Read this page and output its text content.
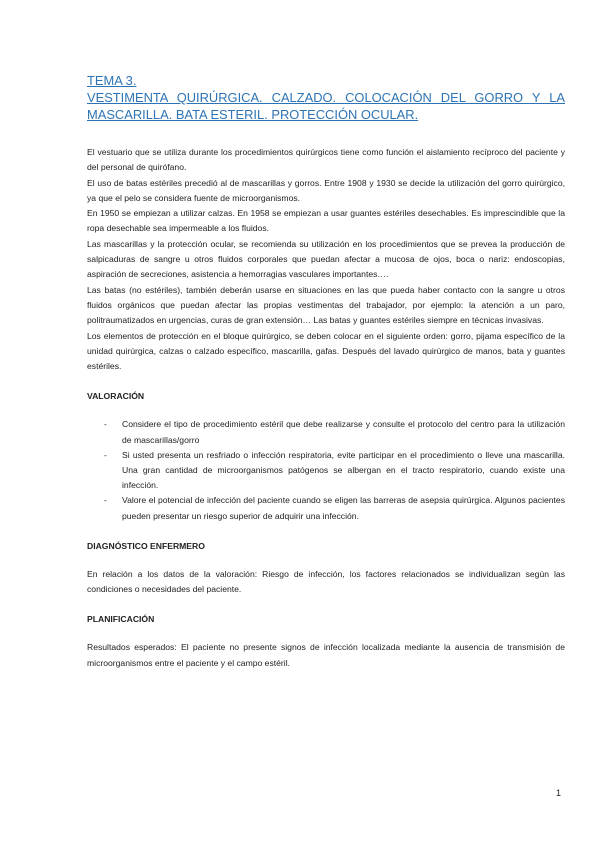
TEMA 3.
VESTIMENTA QUIRÚRGICA. CALZADO. COLOCACIÓN DEL GORRO Y LA
MASCARILLA. BATA ESTERIL. PROTECCIÓN OCULAR.

El vestuario que se utiliza durante los procedimientos quirúrgicos tiene como función el aislamiento recíproco del paciente y del personal de quirófano.

El uso de batas estériles precedió al de mascarillas y gorros. Entre 1908 y 1930 se decide la utilización del gorro quirúrgico, ya que el pelo se considera fuente de microorganismos.

En 1950 se empiezan a utilizar calzas. En 1958 se empiezan a usar guantes estériles desechables. Es imprescindible que la ropa desechable sea impermeable a los fluidos.

Las mascarillas y la protección ocular, se recomienda su utilización en los procedimientos que se prevea la producción de salpicaduras de sangre u otros fluidos corporales que puedan afectar a mucosa de ojos, boca o nariz: endoscopias, aspiración de secreciones, asistencia a hemorragias vasculares importantes….

Las batas (no estériles), también deberán usarse en situaciones en las que pueda haber contacto con la sangre u otros fluidos orgánicos que puedan afectar las propias vestimentas del trabajador, por ejemplo: la atención a un paro, politraumatizados en urgencias, curas de gran extensión… Las batas y guantes estériles siempre en técnicas invasivas.

Los elementos de protección en el bloque quirúrgico, se deben colocar en el siguiente orden: gorro, pijama específico de la unidad quirúrgica, calzas o calzado específico, mascarilla, gafas. Después del lavado quirúrgico de manos, bata y guantes estériles.

VALORACIÓN
- Considere el tipo de procedimiento estéril que debe realizarse y consulte el protocolo del centro para la utilización de mascarillas/gorro
- Si usted presenta un resfriado o infección respiratoria, evite participar en el procedimiento o lleve una mascarilla. Una gran cantidad de microorganismos patógenos se albergan en el tracto respiratorio, cuando existe una infección.
- Valore el potencial de infección del paciente cuando se eligen las barreras de asepsia quirúrgica. Algunos pacientes pueden presentar un riesgo superior de adquirir una infección.
DIAGNÓSTICO ENFERMERO

En relación a los datos de la valoración: Riesgo de infección, los factores relacionados se individualizan según las condiciones o necesidades del paciente.

PLANIFICACIÓN

Resultados esperados: El paciente no presente signos de infección localizada mediante la ausencia de transmisión de microorganismos entre el paciente y el campo estéril.

1
